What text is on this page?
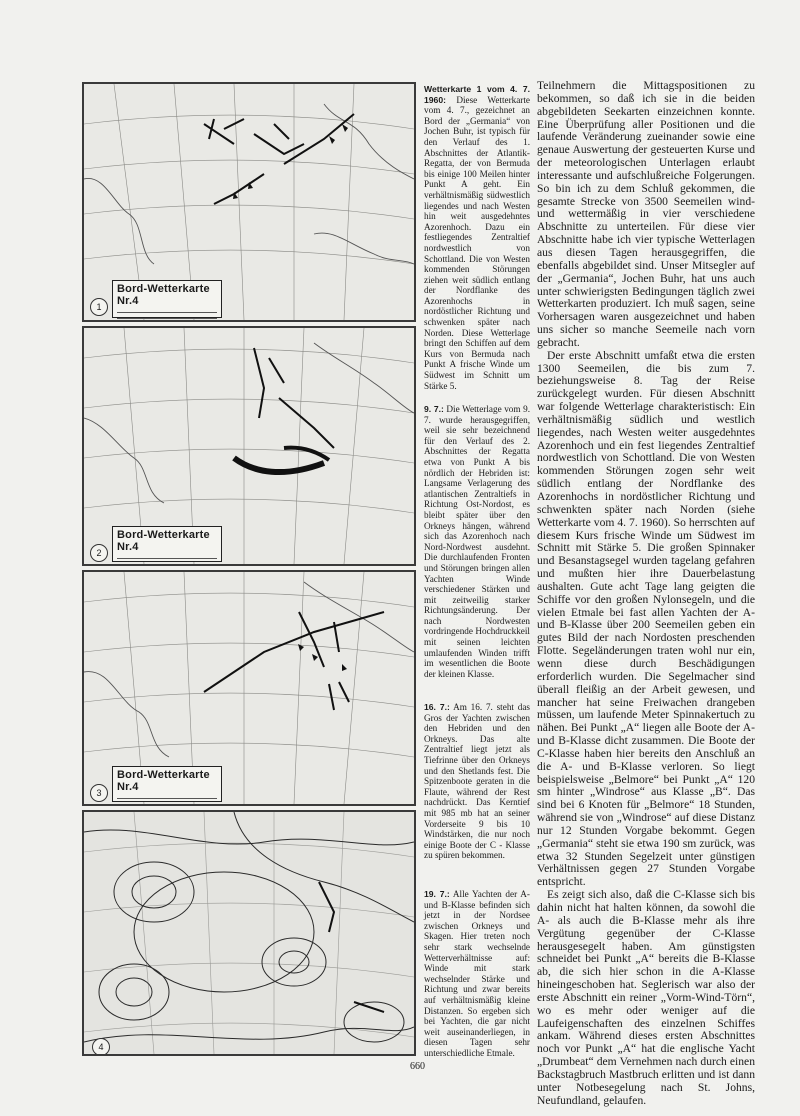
Bord-Wetterkarte Nr.4
1
Bord-Wetterkarte Nr.4
2
Bord-Wetterkarte Nr.4
3
4
Wetterkarte 1 vom 4. 7. 1960: Diese Wetterkarte vom 4. 7., gezeichnet an Bord der „Germania“ von Jochen Buhr, ist typisch für den Verlauf des 1. Abschnittes der Atlantik-Regatta, der von Bermuda bis einige 100 Meilen hinter Punkt A geht. Ein verhältnismäßig südwestlich liegendes und nach Westen hin weit ausgedehntes Azorenhoch. Dazu ein festliegendes Zentraltief nordwestlich von Schottland. Die von Westen kommenden Störungen ziehen weit südlich entlang der Nordflanke des Azorenhochs in nordöstlicher Richtung und schwenken später nach Norden. Diese Wetterlage bringt den Schiffen auf dem Kurs von Bermuda nach Punkt A frische Winde um Südwest im Schnitt um Stärke 5.
9. 7.: Die Wetterlage vom 9. 7. wurde herausgegriffen, weil sie sehr bezeichnend für den Verlauf des 2. Abschnittes der Regatta etwa von Punkt A bis nördlich der Hebriden ist: Langsame Verlagerung des atlantischen Zentraltiefs in Richtung Ost-Nordost, es bleibt später über den Orkneys hängen, während sich das Azorenhoch nach Nord-Nordwest ausdehnt. Die durchlaufenden Fronten und Störungen bringen allen Yachten Winde verschiedener Stärken und mit zeitweilig starker Richtungsänderung. Der nach Nordwesten vordringende Hochdruckkeil mit seinen leichten umlaufenden Winden trifft im wesentlichen die Boote der kleinen Klasse.
16. 7.: Am 16. 7. steht das Gros der Yachten zwischen den Hebriden und den Orkneys. Das alte Zentraltief liegt jetzt als Tiefrinne über den Orkneys und den Shetlands fest. Die Spitzenboote geraten in die Flaute, während der Rest nachdrückt. Das Kerntief mit 985 mb hat an seiner Vorderseite 9 bis 10 Windstärken, die nur noch einige Boote der C - Klasse zu spüren bekommen.
19. 7.: Alle Yachten der A- und B-Klasse befinden sich jetzt in der Nordsee zwischen Orkneys und Skagen. Hier treten noch sehr stark wechselnde Wetterverhältnisse auf: Winde mit stark wechselnder Stärke und Richtung und zwar bereits auf verhältnismäßig kleine Distanzen. So ergeben sich bei Yachten, die gar nicht weit auseinanderliegen, in diesen Tagen sehr unterschiedliche Etmale.

Teilnehmern die Mittagspositionen zu bekommen, so daß ich sie in die beiden abgebildeten Seekarten einzeichnen konnte. Eine Überprüfung aller Positionen und die laufende Veränderung zueinander sowie eine genaue Auswertung der gesteuerten Kurse und der meteorologischen Unterlagen erlaubt interessante und aufschlußreiche Folgerungen. So bin ich zu dem Schluß gekommen, die gesamte Strecke von 3500 Seemeilen wind- und wettermäßig in vier verschiedene Abschnitte zu unterteilen. Für diese vier Abschnitte habe ich vier typische Wetterlagen aus diesen Tagen herausgegriffen, die ebenfalls abgebildet sind. Unser Mitsegler auf der „Germania“, Jochen Buhr, hat uns auch unter schwierigsten Bedingungen täglich zwei Wetterkarten produziert. Ich muß sagen, seine Vorhersagen waren ausgezeichnet und haben uns sicher so manche Seemeile nach vorn gebracht.

Der erste Abschnitt umfaßt etwa die ersten 1300 Seemeilen, die bis zum 7. beziehungsweise 8. Tag der Reise zurückgelegt wurden. Für diesen Abschnitt war folgende Wetterlage charakteristisch: Ein verhältnismäßig südlich und westlich liegendes, nach Westen weiter ausgedehntes Azorenhoch und ein fest liegendes Zentraltief nordwestlich von Schottland. Die von Westen kommenden Störungen zogen sehr weit südlich entlang der Nordflanke des Azorenhochs in nordöstlicher Richtung und schwenkten später nach Norden (siehe Wetterkarte vom 4. 7. 1960). So herrschten auf diesem Kurs frische Winde um Südwest im Schnitt mit Stärke 5. Die großen Spinnaker und Besanstagsegel wurden tagelang gefahren und mußten hier ihre Dauerbelastung aushalten. Gute acht Tage lang geigten die Schiffe vor den großen Nylonsegeln, und die vielen Etmale bei fast allen Yachten der A- und B-Klasse über 200 Seemeilen geben ein gutes Bild der nach Nordosten preschenden Flotte. Segeländerungen traten wohl nur ein, wenn diese durch Beschädigungen erforderlich wurden. Die Segelmacher sind überall fleißig an der Arbeit gewesen, und mancher hat seine Freiwachen drangeben müssen, um laufende Meter Spinnakertuch zu nähen. Bei Punkt „A“ liegen alle Boote der A- und B-Klasse dicht zusammen. Die Boote der C-Klasse haben hier bereits den Anschluß an die A- und B-Klasse verloren. So liegt beispielsweise „Belmore“ bei Punkt „A“ 120 sm hinter „Windrose“ aus Klasse „B“. Das sind bei 6 Knoten für „Belmore“ 18 Stunden, während sie von „Windrose“ auf diese Distanz nur 12 Stunden Vorgabe bekommt. Gegen „Germania“ steht sie etwa 190 sm zurück, was etwa 32 Stunden Segelzeit unter günstigen Verhältnissen gegen 27 Stunden Vorgabe entspricht.

Es zeigt sich also, daß die C-Klasse sich bis dahin nicht hat halten können, da sowohl die A- als auch die B-Klasse mehr als ihre Vergütung gegenüber der C-Klasse herausgesegelt haben. Am günstigsten schneidet bei Punkt „A“ bereits die B-Klasse ab, die sich hier schon in die A-Klasse hineingeschoben hat. Seglerisch war also der erste Abschnitt ein reiner „Vorm-Wind-Törn“, wo es mehr oder weniger auf die Laufeigenschaften des einzelnen Schiffes ankam. Während dieses ersten Abschnittes noch vor Punkt „A“ hat die englische Yacht „Drumbeat“ dem Vernehmen nach durch einen Backstagbruch Mastbruch erlitten und ist dann unter Notbesegelung nach St. Johns, Neufundland, gelaufen.

660
